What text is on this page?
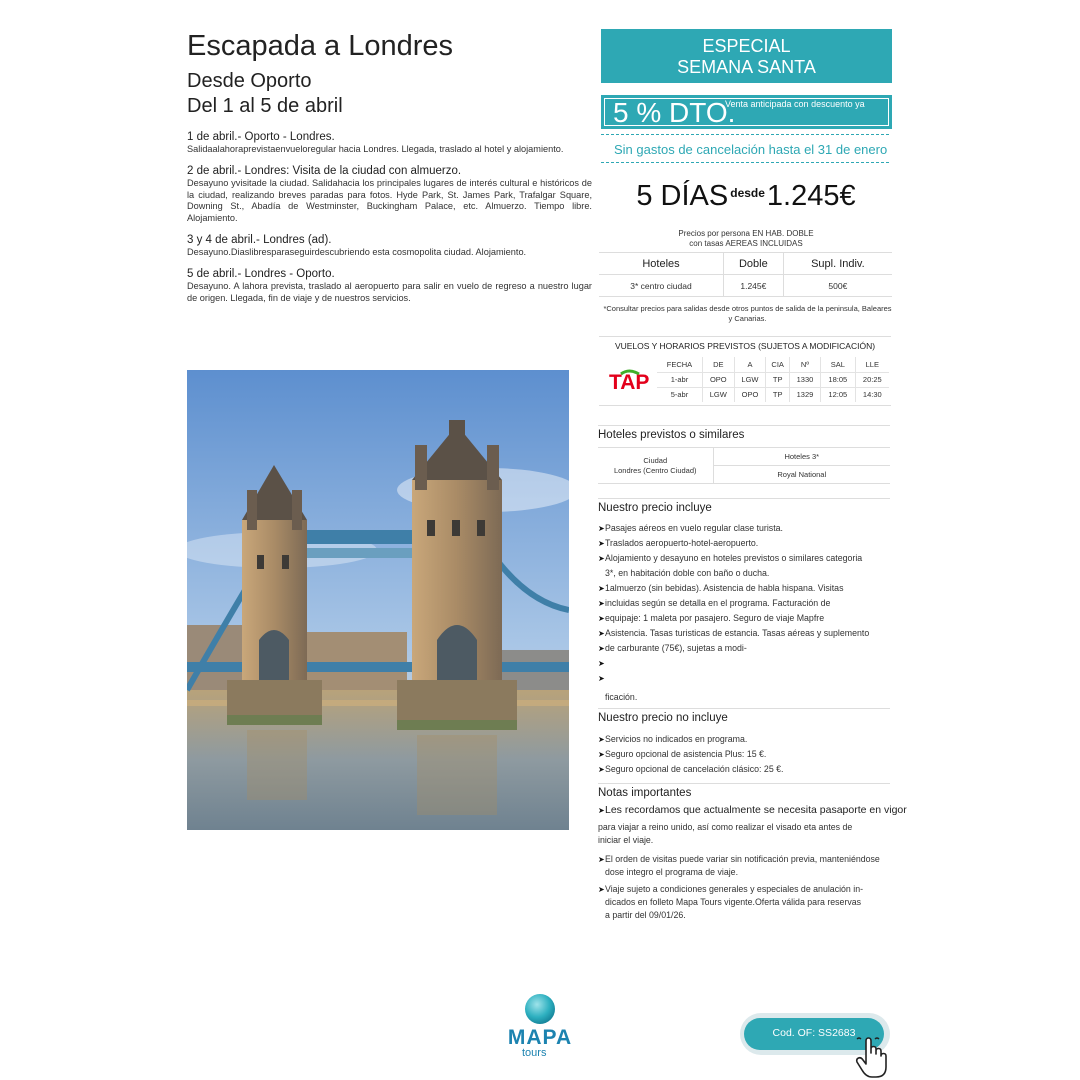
Escapada a Londres
Desde Oporto
Del 1 al 5 de abril
1 de abril.- Oporto - Londres.
Salidaalahoraprevistaenvueloregular hacia Londres. Llegada, traslado al hotel y alojamiento.
2 de abril.- Londres: Visita de la ciudad con almuerzo.
Desayuno yvisitade la ciudad. Salidahacia los principales lugares de interés cultural e históricos de la ciudad, realizando breves paradas para fotos. Hyde Park, St. James Park, Trafalgar Square, Downing St., Abadía de Westminster, Buckingham Palace, etc. Almuerzo. Tiempo libre. Alojamiento.
3 y 4 de abril.- Londres (ad).
Desayuno.Diaslibresparaseguirdescubriendo esta cosmopolita ciudad. Alojamiento.
5 de abril.- Londres - Oporto.
Desayuno. A lahora prevista, traslado al aeropuerto para salir en vuelo de regreso a nuestro lugar de origen. Llegada, fin de viaje y de nuestros servicios.
ESPECIAL
SEMANA SANTA
5 % DTO.
Venta anticipada con descuento ya
Sin gastos de cancelación hasta el 31 de enero
5 DÍAS $^{desde}$1.245€
Precios por persona EN HAB. DOBLE
con tasas AEREAS INCLUIDAS
Hoteles	Doble	Supl. Indiv.
3* centro ciudad	1.245€	500€
*Consultar precios para salidas desde otros puntos de salida de la peninsula, Baleares y Canarias.
VUELOS Y HORARIOS PREVISTOS (SUJETOS A MODIFICACIÓN)
TAP
FECHA	DE	A	CIA	Nº	SAL	LLE
1-abr	OPO	LGW	TP	1330	18:05	20:25
5-abr	LGW	OPO	TP	1329	12:05	14:30
Hoteles previstos o similares
Ciudad
Londres (Centro Ciudad)
	Hoteles 3*
Royal National
Nuestro precio incluye
➤Pasajes aéreos en vuelo regular clase turista.
➤Traslados aeropuerto-hotel-aeropuerto.
➤Alojamiento y desayuno en hoteles previstos o similares categoria
3*, en habitación doble con baño o ducha.
➤1almuerzo (sin bebidas). Asistencia de habla hispana. Visitas
➤incluidas según se detalla en el programa. Facturación de
➤equipaje: 1 maleta por pasajero. Seguro de viaje Mapfre
➤Asistencia. Tasas turisticas de estancia. Tasas aéreas y suplemento
➤de carburante (75€), sujetas a modi-
➤
➤
ficación.
Nuestro precio no incluye
➤Servicios no indicados en programa.
➤Seguro opcional de asistencia Plus: 15 €.
➤Seguro opcional de cancelación clásico: 25 €.
Notas importantes
➤Les recordamos que actualmente se necesita pasaporte en vigor
para viajar a reino unido, así como realizar el visado eta antes de
iniciar el viaje.
➤El orden de visitas puede variar sin notificación previa, manteniéndose
dose integro el programa de viaje.
➤Viaje sujeto a condiciones generales y especiales de anulación in-
dicados en folleto Mapa Tours vigente.Oferta válida para reservas
a partir del 09/01/26.
MAPA
tours
Cod. OF: SS2683
